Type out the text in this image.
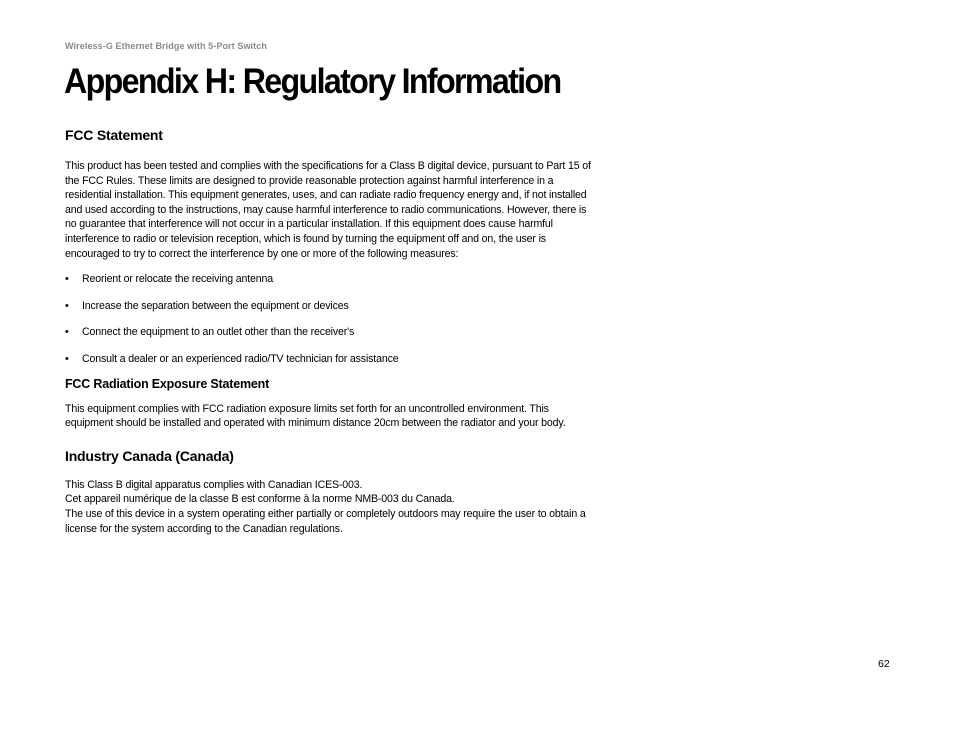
Wireless-G Ethernet Bridge with 5-Port Switch
Appendix H: Regulatory Information
FCC Statement

This product has been tested and complies with the specifications for a Class B digital device, pursuant to Part 15 of the FCC Rules. These limits are designed to provide reasonable protection against harmful interference in a residential installation. This equipment generates, uses, and can radiate radio frequency energy and, if not installed and used according to the instructions, may cause harmful interference to radio communications. However, there is no guarantee that interference will not occur in a particular installation. If this equipment does cause harmful interference to radio or television reception, which is found by turning the equipment off and on, the user is encouraged to try to correct the interference by one or more of the following measures:

• Reorient or relocate the receiving antenna
• Increase the separation between the equipment or devices
• Connect the equipment to an outlet other than the receiver's
• Consult a dealer or an experienced radio/TV technician for assistance
FCC Radiation Exposure Statement

This equipment complies with FCC radiation exposure limits set forth for an uncontrolled environment. This equipment should be installed and operated with minimum distance 20cm between the radiator and your body.

Industry Canada (Canada)

This Class B digital apparatus complies with Canadian ICES-003.

Cet appareil numérique de la classe B est conforme à la norme NMB-003 du Canada.

The use of this device in a system operating either partially or completely outdoors may require the user to obtain a license for the system according to the Canadian regulations.

62
